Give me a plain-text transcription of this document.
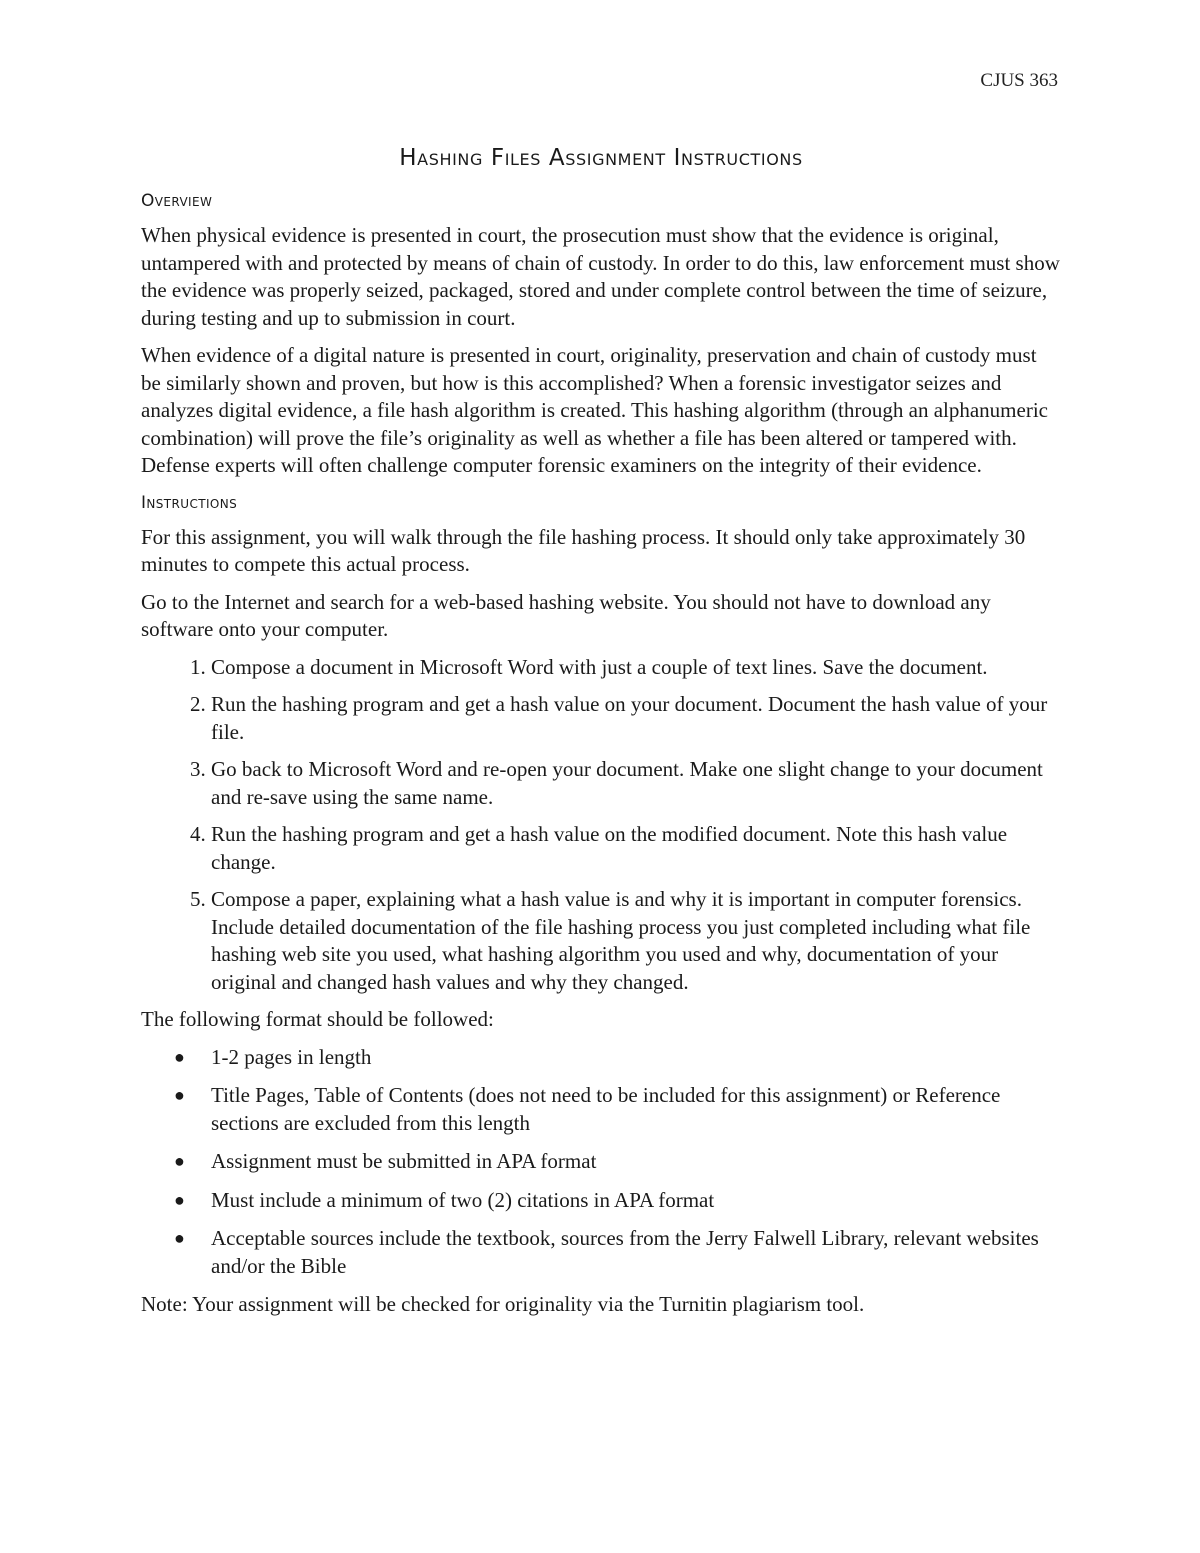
CJUS 363
Hashing Files Assignment Instructions
Overview

When physical evidence is presented in court, the prosecution must show that the evidence is original, untampered with and protected by means of chain of custody. In order to do this, law enforcement must show the evidence was properly seized, packaged, stored and under complete control between the time of seizure, during testing and up to submission in court.

When evidence of a digital nature is presented in court, originality, preservation and chain of custody must be similarly shown and proven, but how is this accomplished? When a forensic investigator seizes and analyzes digital evidence, a file hash algorithm is created. This hashing algorithm (through an alphanumeric combination) will prove the file’s originality as well as whether a file has been altered or tampered with. Defense experts will often challenge computer forensic examiners on the integrity of their evidence.

Instructions

For this assignment, you will walk through the file hashing process. It should only take approximately 30 minutes to compete this actual process.

Go to the Internet and search for a web-based hashing website. You should not have to download any software onto your computer.

1. Compose a document in Microsoft Word with just a couple of text lines. Save the document.
2. Run the hashing program and get a hash value on your document. Document the hash value of your file.
3. Go back to Microsoft Word and re-open your document. Make one slight change to your document and re-save using the same name.
4. Run the hashing program and get a hash value on the modified document. Note this hash value change.
5. Compose a paper, explaining what a hash value is and why it is important in computer forensics. Include detailed documentation of the file hashing process you just completed including what file hashing web site you used, what hashing algorithm you used and why, documentation of your original and changed hash values and why they changed.

The following format should be followed:

● 1-2 pages in length
● Title Pages, Table of Contents (does not need to be included for this assignment) or Reference sections are excluded from this length
● Assignment must be submitted in APA format
● Must include a minimum of two (2) citations in APA format
● Acceptable sources include the textbook, sources from the Jerry Falwell Library, relevant websites and/or the Bible

Note: Your assignment will be checked for originality via the Turnitin plagiarism tool.
